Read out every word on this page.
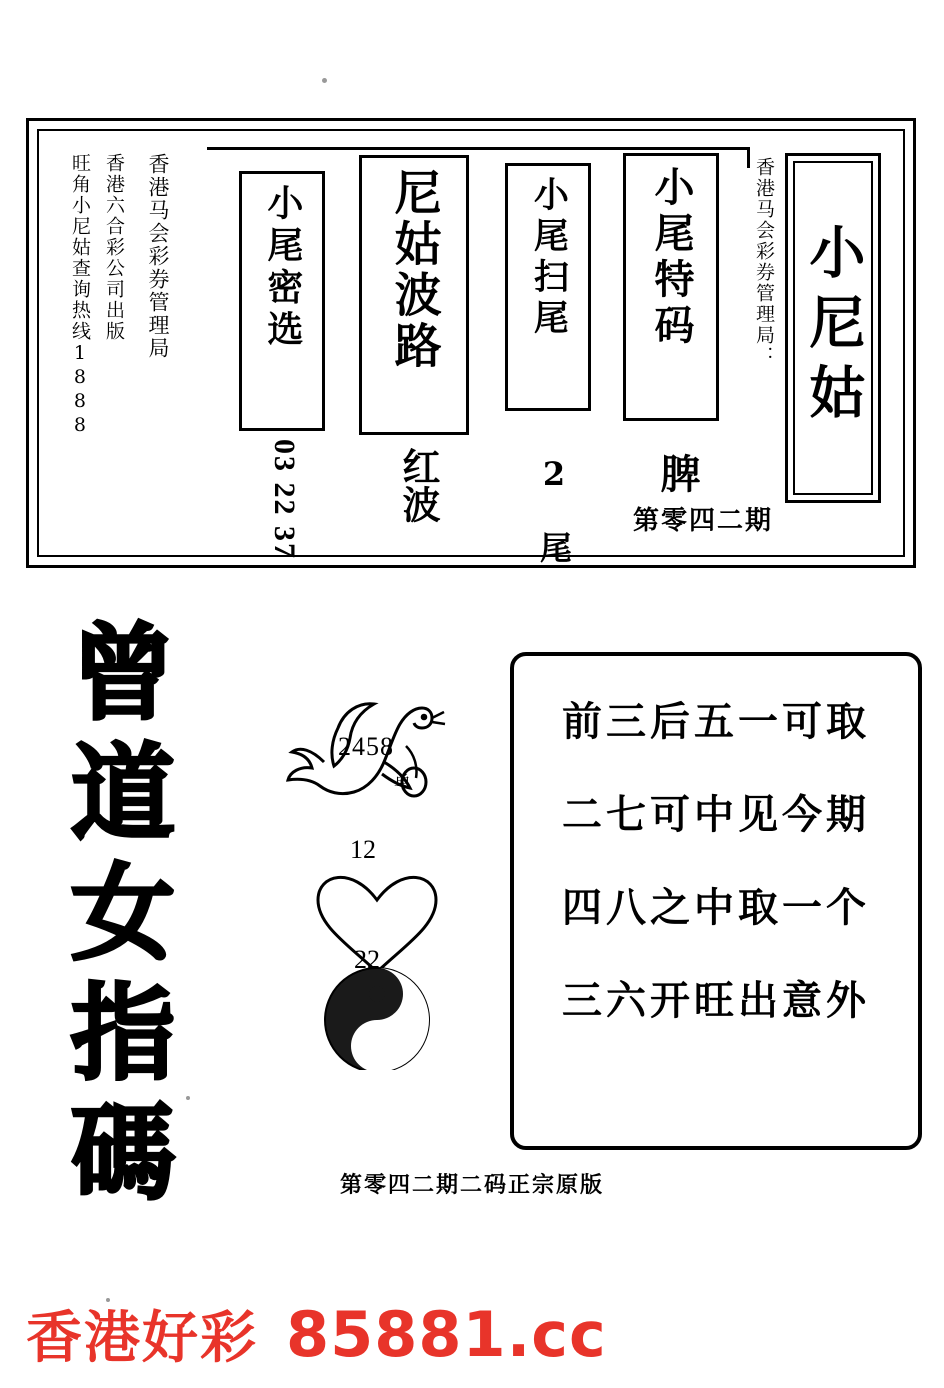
小尼姑
香港马会彩券管理局：
第零四二期
旺角小尼姑查询热线1888 香港六合彩公司出版 香港马会彩券管理局	小尾密选
03 22 37
尼姑波路
红波
小尾扫尾
2 尾
小尾特码
脾
曾道女指碼	2458
单
12
22
前三后五一可取
二七可中见今期
四八之中取一个
三六开旺出意外
第零四二期二码正宗原版
香港好彩 85881.cc
